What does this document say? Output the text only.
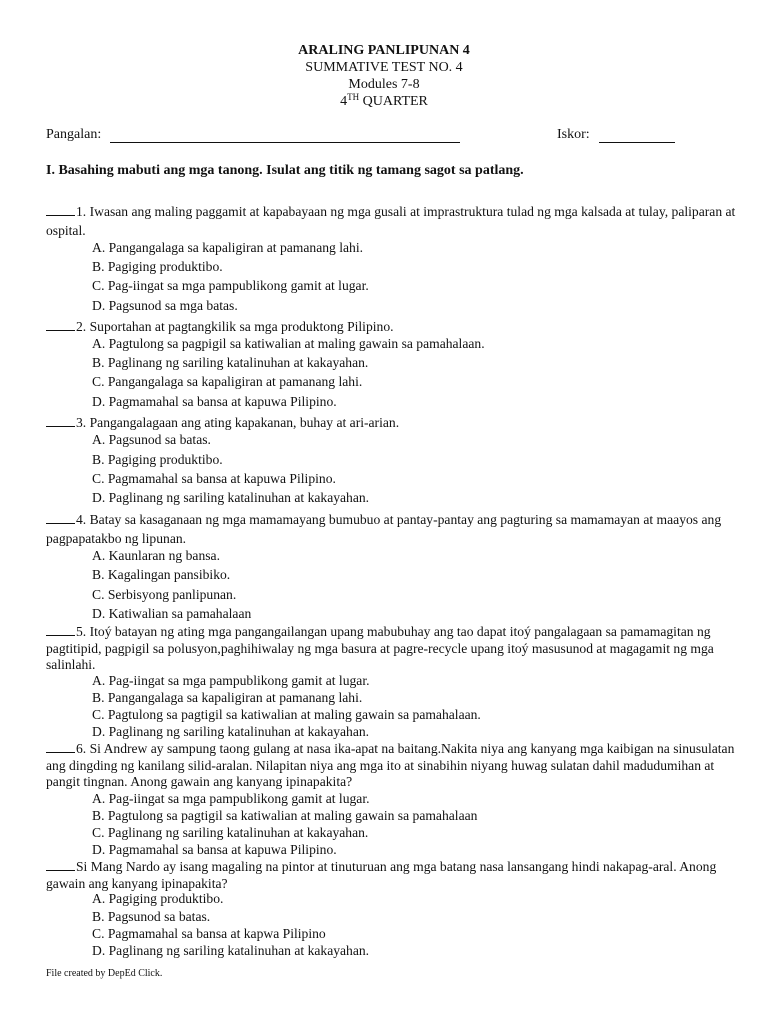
ARALING PANLIPUNAN 4
SUMMATIVE TEST NO. 4
Modules 7-8
4TH QUARTER
Pangalan:	Iskor:
I. Basahing mabuti ang mga tanong. Isulat ang titik ng tamang sagot sa patlang.
1. Iwasan ang maling paggamit at kapabayaan ng mga gusali at imprastruktura tulad ng mga kalsada at tulay, paliparan at ospital.
A. Pangangalaga sa kapaligiran at pamanang lahi.
B. Pagiging produktibo.
C. Pag-iingat sa mga pampublikong gamit at lugar.
D. Pagsunod sa mga batas.
2. Suportahan at pagtangkilik sa mga produktong Pilipino.
A. Pagtulong sa pagpigil sa katiwalian at maling gawain sa pamahalaan.
B. Paglinang ng sariling katalinuhan at kakayahan.
C. Pangangalaga sa kapaligiran at pamanang lahi.
D. Pagmamahal sa bansa at kapuwa Pilipino.
3. Pangangalagaan ang ating kapakanan, buhay at ari-arian.
A. Pagsunod sa batas.
B. Pagiging produktibo.
C. Pagmamahal sa bansa at kapuwa Pilipino.
D. Paglinang ng sariling katalinuhan at kakayahan.
4. Batay sa kasaganaan ng mga mamamayang bumubuo at pantay-pantay ang pagturing sa mamamayan at maayos ang pagpapatakbo ng lipunan.
A. Kaunlaran ng bansa.
B. Kagalingan pansibiko.
C. Serbisyong panlipunan.
D. Katiwalian sa pamahalaan
5. Itoý batayan ng ating mga pangangailangan upang mabubuhay ang tao dapat itoý pangalagaan sa pamamagitan ng pagtitipid, pagpigil sa polusyon,paghihiwalay ng mga basura at pagre-recycle upang itoý masusunod at magagamit ng mga salinlahi.
A. Pag-iingat sa mga pampublikong gamit at lugar.
B. Pangangalaga sa kapaligiran at pamanang lahi.
C. Pagtulong sa pagtigil sa katiwalian at maling gawain sa pamahalaan.
D. Paglinang ng sariling katalinuhan at kakayahan.
6. Si Andrew ay sampung taong gulang at nasa ika-apat na baitang.Nakita niya ang kanyang mga kaibigan na sinusulatan ang dingding ng kanilang silid-aralan. Nilapitan niya ang mga ito at sinabihin niyang huwag sulatan dahil madudumihan at pangit tingnan. Anong gawain ang kanyang ipinapakita?
A. Pag-iingat sa mga pampublikong gamit at lugar.
B. Pagtulong sa pagtigil sa katiwalian at maling gawain sa pamahalaan
C. Paglinang ng sariling katalinuhan at kakayahan.
D. Pagmamahal sa bansa at kapuwa Pilipino.
Si Mang Nardo ay isang magaling na pintor at tinuturuan ang mga batang nasa lansangang hindi nakapag-aral. Anong gawain ang kanyang ipinapakita?
A. Pagiging produktibo.
B. Pagsunod sa batas.
C. Pagmamahal sa bansa at kapwa Pilipino
D. Paglinang ng sariling katalinuhan at kakayahan.
File created by DepEd Click.
